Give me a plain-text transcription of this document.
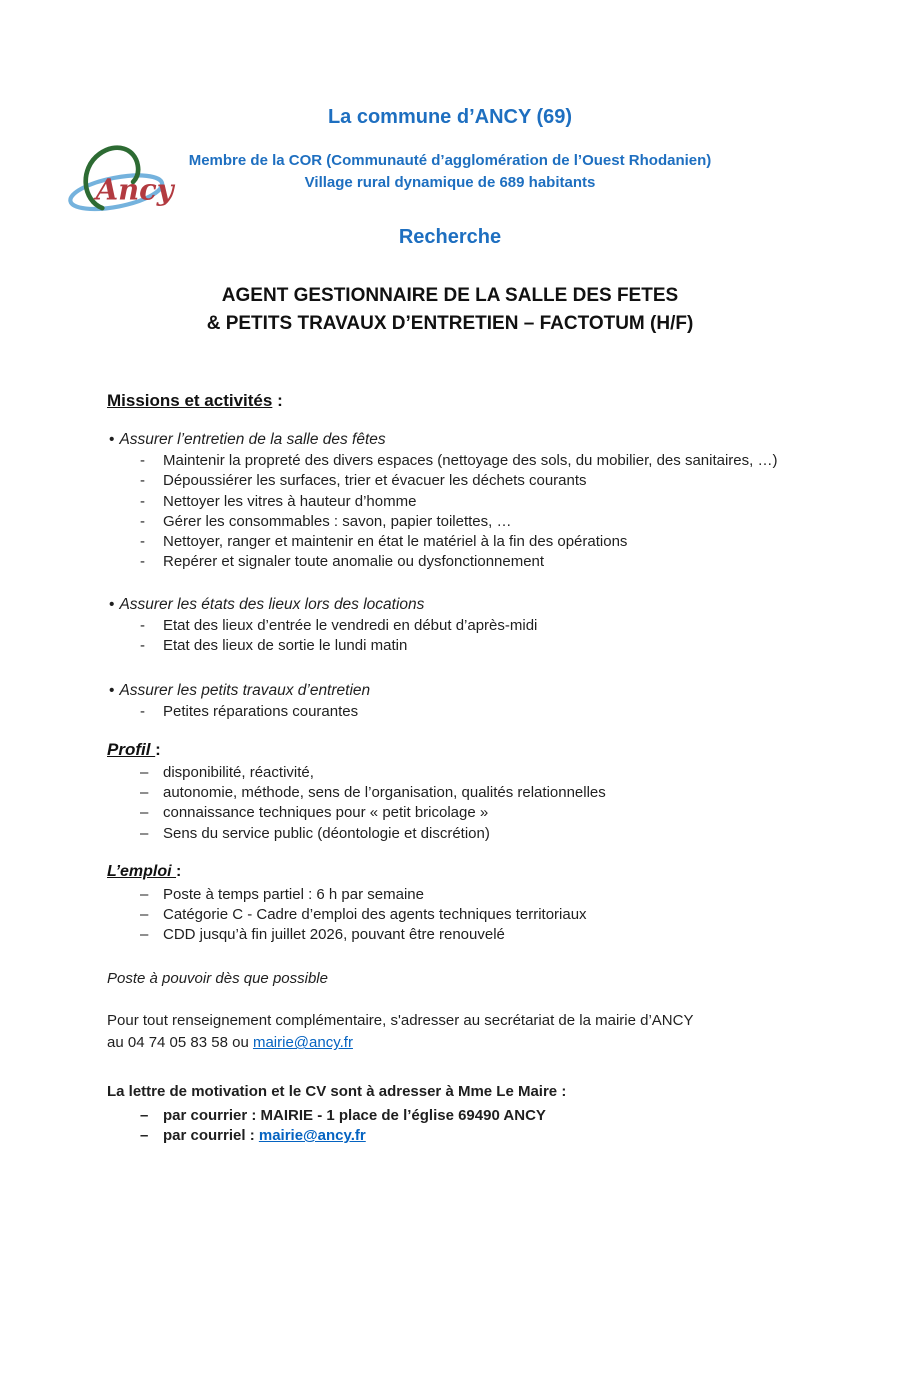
Ancy
La commune d’ANCY (69)
Membre de la COR (Communauté d’agglomération de l’Ouest Rhodanien)
Village rural dynamique de 689 habitants
Recherche
AGENT GESTIONNAIRE DE LA SALLE DES FETES
& PETITS TRAVAUX D’ENTRETIEN – FACTOTUM (H/F)
Missions et activités :
• Assurer l’entretien de la salle des fêtes
-	Maintenir la propreté des divers espaces (nettoyage des sols, du mobilier, des sanitaires, …)
-	Dépoussiérer les surfaces, trier et évacuer les déchets courants
-	Nettoyer les vitres à hauteur d’homme
-	Gérer les consommables : savon, papier toilettes, …
-	Nettoyer, ranger et maintenir en état le matériel à la fin des opérations
-	Repérer et signaler toute anomalie ou dysfonctionnement
• Assurer les états des lieux lors des locations
-	Etat des lieux d’entrée le vendredi en début d’après-midi
-	Etat des lieux de sortie le lundi matin
• Assurer les petits travaux d’entretien
-	Petites réparations courantes
Profil :
– disponibilité, réactivité,
– autonomie, méthode, sens de l’organisation, qualités relationnelles
– connaissance techniques pour « petit bricolage »
– Sens du service public (déontologie et discrétion)
L’emploi :
– Poste à temps partiel : 6 h par semaine
– Catégorie C - Cadre d’emploi des agents techniques territoriaux
– CDD jusqu’à fin juillet 2026, pouvant être renouvelé
Poste à pouvoir dès que possible
Pour tout renseignement complémentaire, s'adresser au secrétariat de la mairie d’ANCY
au 04 74 05 83 58 ou mairie@ancy.fr
La lettre de motivation et le CV sont à adresser à Mme Le Maire :
– par courrier : MAIRIE - 1 place de l’église 69490 ANCY
– par courriel : mairie@ancy.fr
